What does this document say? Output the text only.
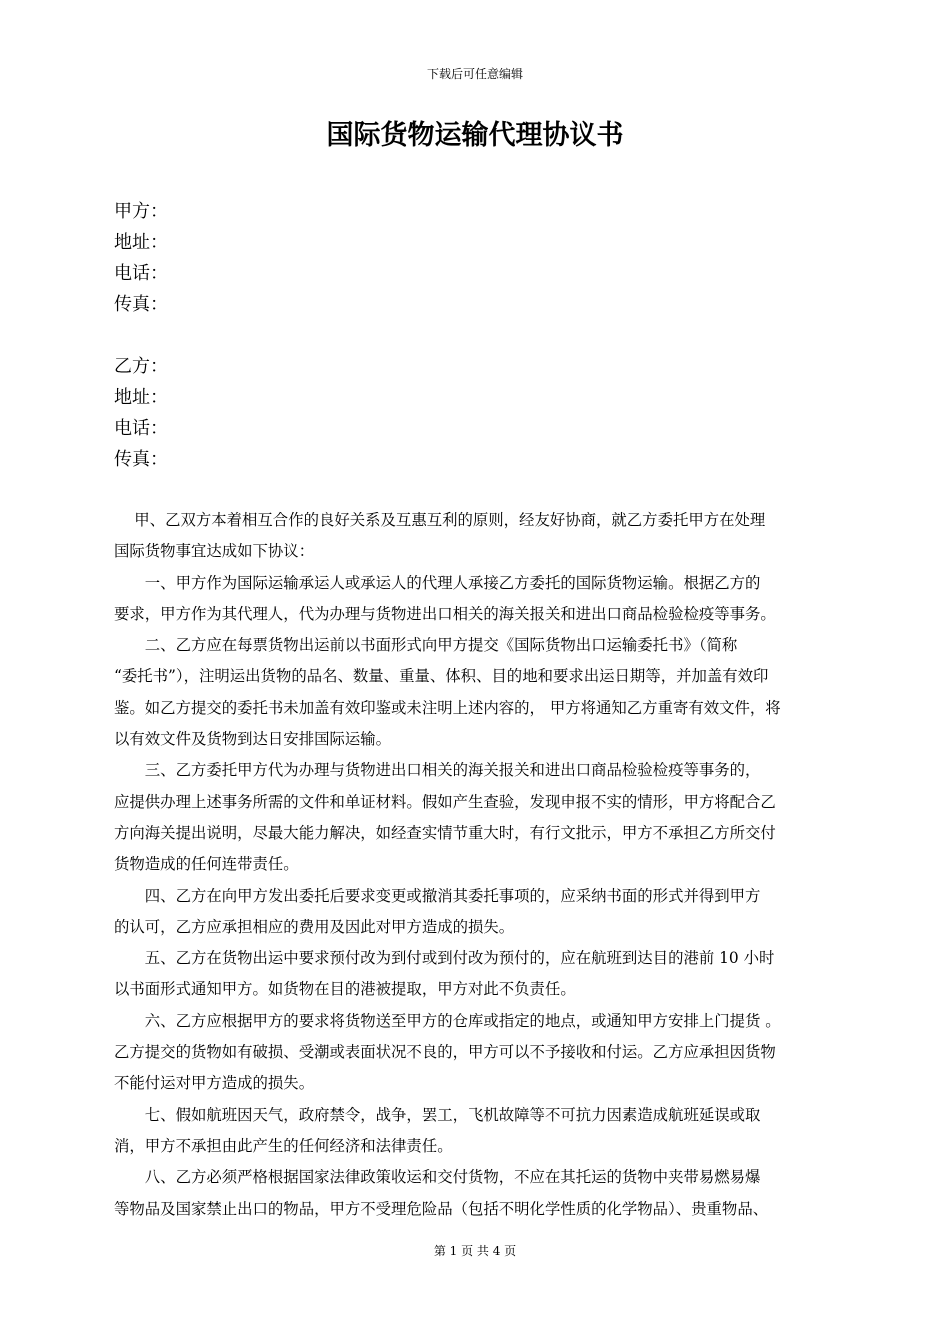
下载后可任意编辑
国际货物运输代理协议书
甲方：
地址：
电话：
传真：
乙方：
地址：
电话：
传真：
　 甲、乙双方本着相互合作的良好关系及互惠互利的原则，经友好协商，就乙方委托甲方在处理
国际货物事宜达成如下协议：
　　一、甲方作为国际运输承运人或承运人的代理人承接乙方委托的国际货物运输。根据乙方的
要求，甲方作为其代理人，代为办理与货物进出口相关的海关报关和进出口商品检验检疫等事务。
　　二、乙方应在每票货物出运前以书面形式向甲方提交《国际货物出口运输委托书》（简称
“委托书”），注明运出货物的品名、数量、重量、体积、目的地和要求出运日期等，并加盖有效印
鉴。如乙方提交的委托书未加盖有效印鉴或未注明上述内容的， 甲方将通知乙方重寄有效文件，将
以有效文件及货物到达日安排国际运输。
　　三、乙方委托甲方代为办理与货物进出口相关的海关报关和进出口商品检验检疫等事务的，
应提供办理上述事务所需的文件和单证材料。假如产生查验，发现申报不实的情形，甲方将配合乙
方向海关提出说明，尽最大能力解决，如经查实情节重大时，有行文批示，甲方不承担乙方所交付
货物造成的任何连带责任。
　　四、乙方在向甲方发出委托后要求变更或撤消其委托事项的，应采纳书面的形式并得到甲方
的认可，乙方应承担相应的费用及因此对甲方造成的损失。
　　五、乙方在货物出运中要求预付改为到付或到付改为预付的，应在航班到达目的港前 10 小时
以书面形式通知甲方。如货物在目的港被提取，甲方对此不负责任。
　　六、乙方应根据甲方的要求将货物送至甲方的仓库或指定的地点，或通知甲方安排上门提货 。
乙方提交的货物如有破损、受潮或表面状况不良的，甲方可以不予接收和付运。乙方应承担因货物
不能付运对甲方造成的损失。
　　七、假如航班因天气，政府禁令，战争，罢工，飞机故障等不可抗力因素造成航班延误或取
消，甲方不承担由此产生的任何经济和法律责任。
　　八、乙方必须严格根据国家法律政策收运和交付货物，不应在其托运的货物中夹带易燃易爆
等物品及国家禁止出口的物品，甲方不受理危险品（包括不明化学性质的化学物品）、贵重物品、
第 1 页 共 4 页
